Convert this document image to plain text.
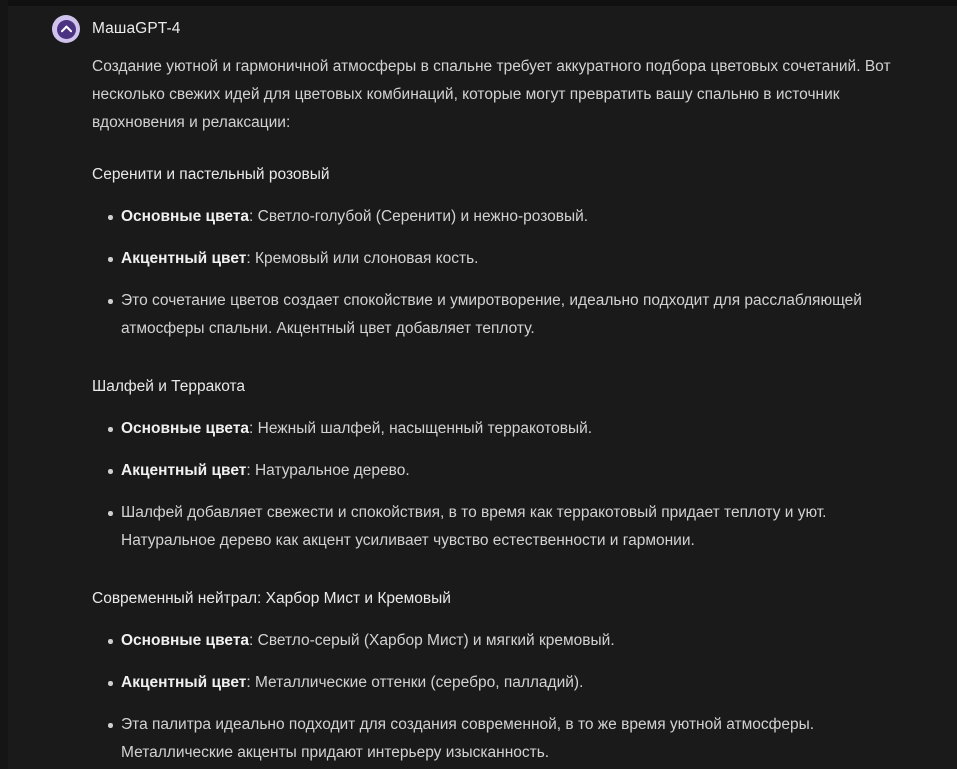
МашаGPT-4

Создание уютной и гармоничной атмосферы в спальне требует аккуратного подбора цветовых сочетаний. Вот несколько свежих идей для цветовых комбинаций, которые могут превратить вашу спальню в источник вдохновения и релаксации:

Серенити и пастельный розовый
Основные цвета: Светло-голубой (Серенити) и нежно-розовый.
Акцентный цвет: Кремовый или слоновая кость.
Это сочетание цветов создает спокойствие и умиротворение, идеально подходит для расслабляющей атмосферы спальни. Акцентный цвет добавляет теплоту.
Шалфей и Терракота
Основные цвета: Нежный шалфей, насыщенный терракотовый.
Акцентный цвет: Натуральное дерево.
Шалфей добавляет свежести и спокойствия, в то время как терракотовый придает теплоту и уют. Натуральное дерево как акцент усиливает чувство естественности и гармонии.
Современный нейтрал: Харбор Мист и Кремовый
Основные цвета: Светло-серый (Харбор Мист) и мягкий кремовый.
Акцентный цвет: Металлические оттенки (серебро, палладий).
Эта палитра идеально подходит для создания современной, в то же время уютной атмосферы. Металлические акценты придают интерьеру изысканность.
